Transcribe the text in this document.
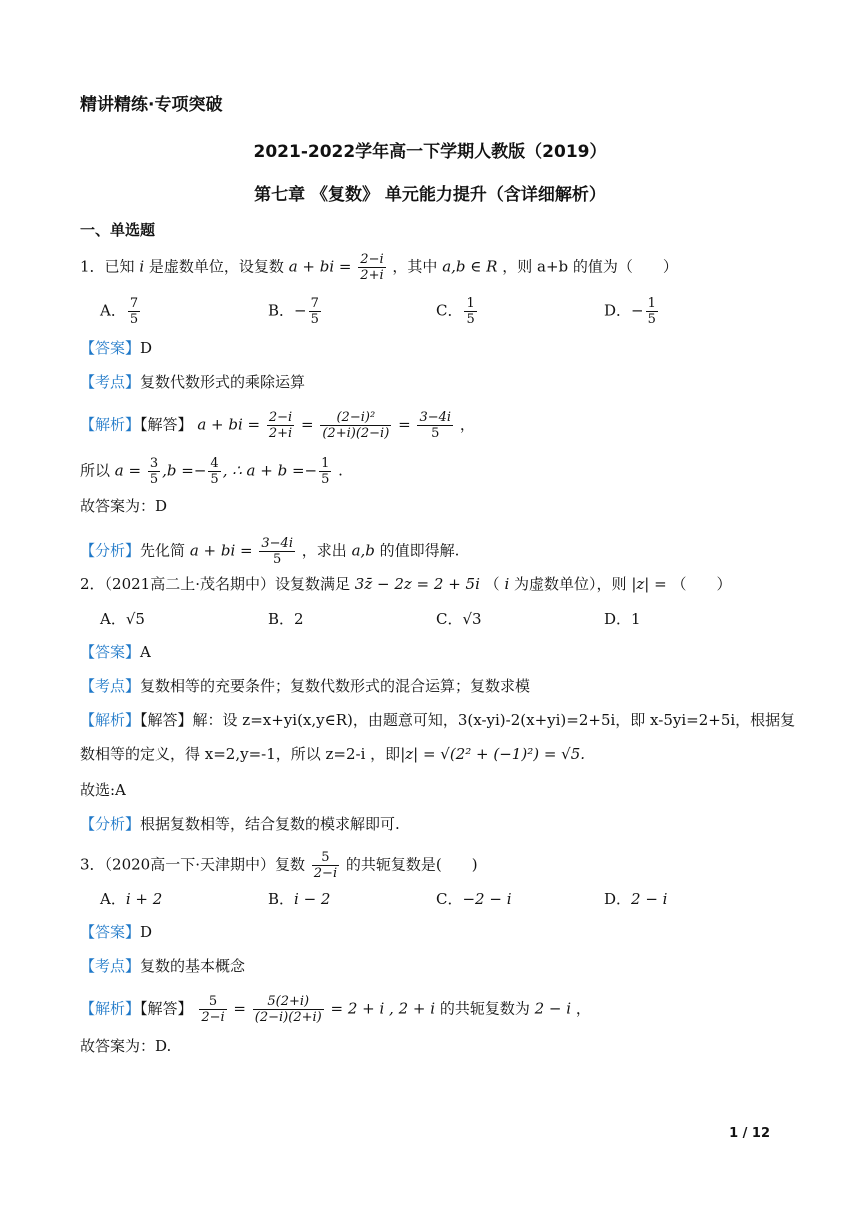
精讲精练·专项突破
2021-2022学年高一下学期人教版（2019）
第七章 《复数》 单元能力提升（含详细解析）
一、单选题
1．已知 i 是虚数单位，设复数 a + bi = $\frac{2-i}{2+i}$ ，其中 a,b ∈ R ，则 a+b 的值为（　　）
A． $\frac{7}{5}$	B．− $\frac{7}{5}$	C． $\frac{1}{5}$	D．− $\frac{1}{5}$
【答案】D
【考点】复数代数形式的乘除运算
【解析】【解答】 a + bi = $\frac{2-i}{2+i} = \frac{\text{(2−i)²}}{(2+i)(2-i)} = \frac{3-4i}{5}$ ，
所以 $a = \frac{3}{5} ,b =- \frac{4}{5}$ , ∴ $a + b =- \frac{1}{5}$ .
故答案为：D
【分析】先化简 a + bi = $\frac{3-4i}{5}$ ，求出 a,b 的值即得解.
2．（2021高二上·茂名期中）设复数满足 3z̄ − 2z = 2 + 5i （ i 为虚数单位），则 |z| = （　　）
A．√5	B．2	C．√3	D．1
【答案】A
【考点】复数相等的充要条件；复数代数形式的混合运算；复数求模
【解析】【解答】解：设 z=x+yi(x,y∈R)，由题意可知，3(x-yi)-2(x+yi)=2+5i，即 x-5yi=2+5i，根据复
数相等的定义，得 x=2,y=-1，所以 z=2-i ，即|z| = √(2² + (−1)²) = √5.
故选:A
【分析】根据复数相等，结合复数的模求解即可.
3．（2020高一下·天津期中）复数 $\frac{5}{2-i}$ 的共轭复数是(　　)
A．i + 2	B．i − 2	C．−2 − i	D．2 − i
【答案】D
【考点】复数的基本概念
【解析】【解答】 $\frac{5}{2-i} = \frac{5(2+i)}{(2-i)(2+i)} = 2 + i$ , 2 + i 的共轭复数为 2 − i ，
故答案为：D.
1 / 12
